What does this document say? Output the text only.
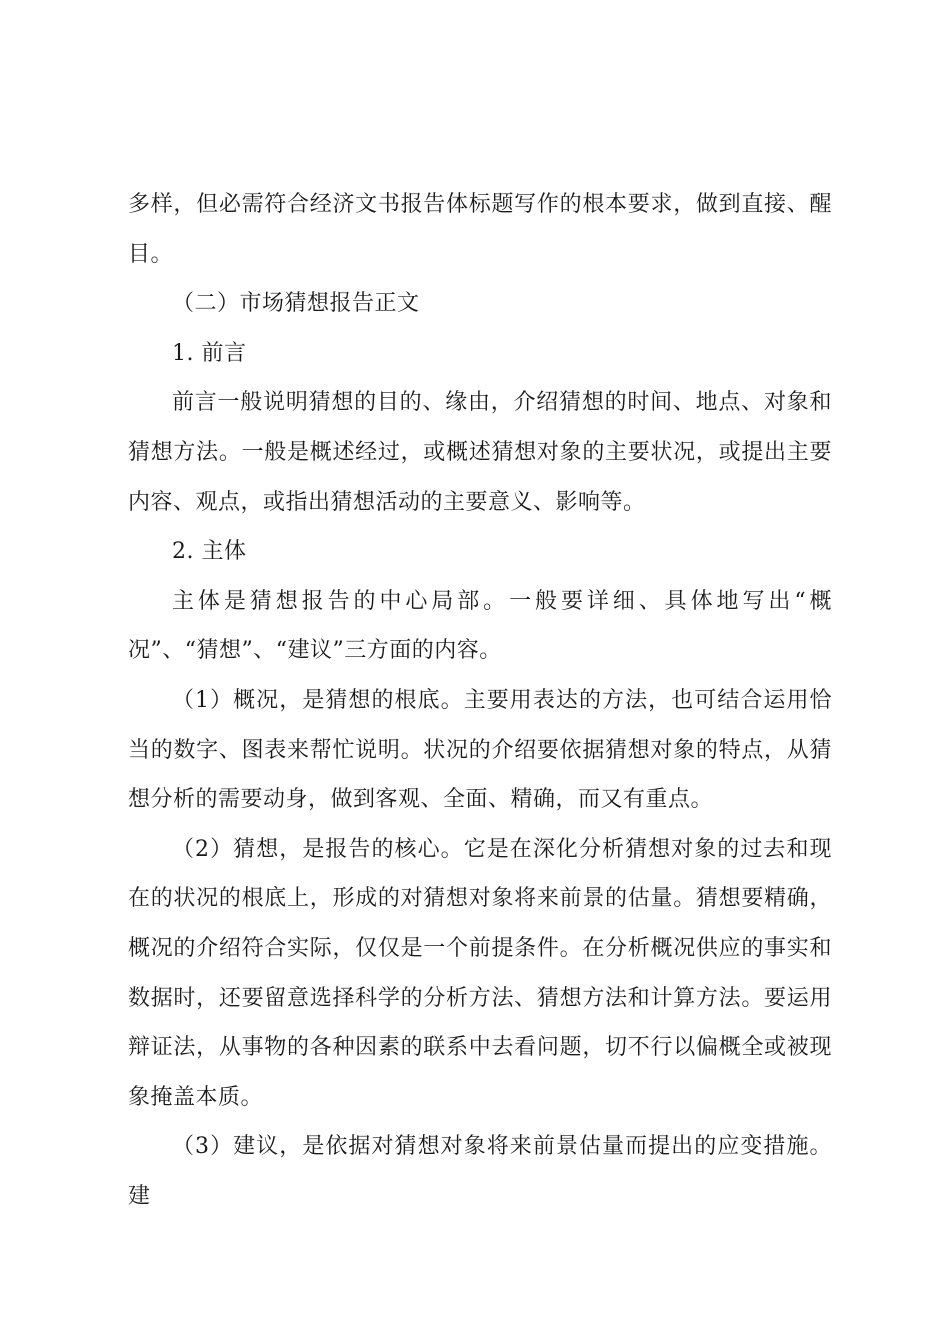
多样，但必需符合经济文书报告体标题写作的根本要求，做到直接、醒目。

（二）市场猜想报告正文

1. 前言

前言一般说明猜想的目的、缘由，介绍猜想的时间、地点、对象和猜想方法。一般是概述经过，或概述猜想对象的主要状况，或提出主要内容、观点，或指出猜想活动的主要意义、影响等。

2. 主体

主体是猜想报告的中心局部。一般要详细、具体地写出“概况”、“猜想”、“建议”三方面的内容。

（1）概况，是猜想的根底。主要用表达的方法，也可结合运用恰当的数字、图表来帮忙说明。状况的介绍要依据猜想对象的特点，从猜想分析的需要动身，做到客观、全面、精确，而又有重点。

（2）猜想，是报告的核心。它是在深化分析猜想对象的过去和现在的状况的根底上，形成的对猜想对象将来前景的估量。猜想要精确，概况的介绍符合实际，仅仅是一个前提条件。在分析概况供应的事实和数据时，还要留意选择科学的分析方法、猜想方法和计算方法。要运用辩证法，从事物的各种因素的联系中去看问题，切不行以偏概全或被现象掩盖本质。

（3）建议，是依据对猜想对象将来前景估量而提出的应变措施。建
